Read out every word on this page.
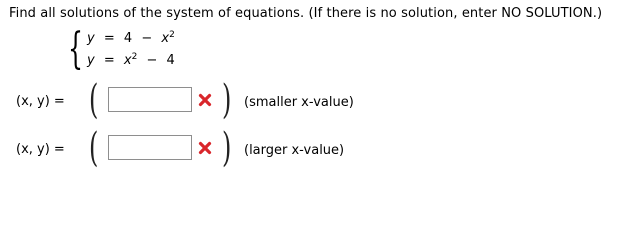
Find all solutions of the system of equations. (If there is no solution, enter NO SOLUTION.)
{ $y = 4 - x^2$
$y = x^2 - 4$
(x, y) = (	) (smaller x-value)
(x, y) = (	) (larger x-value)
